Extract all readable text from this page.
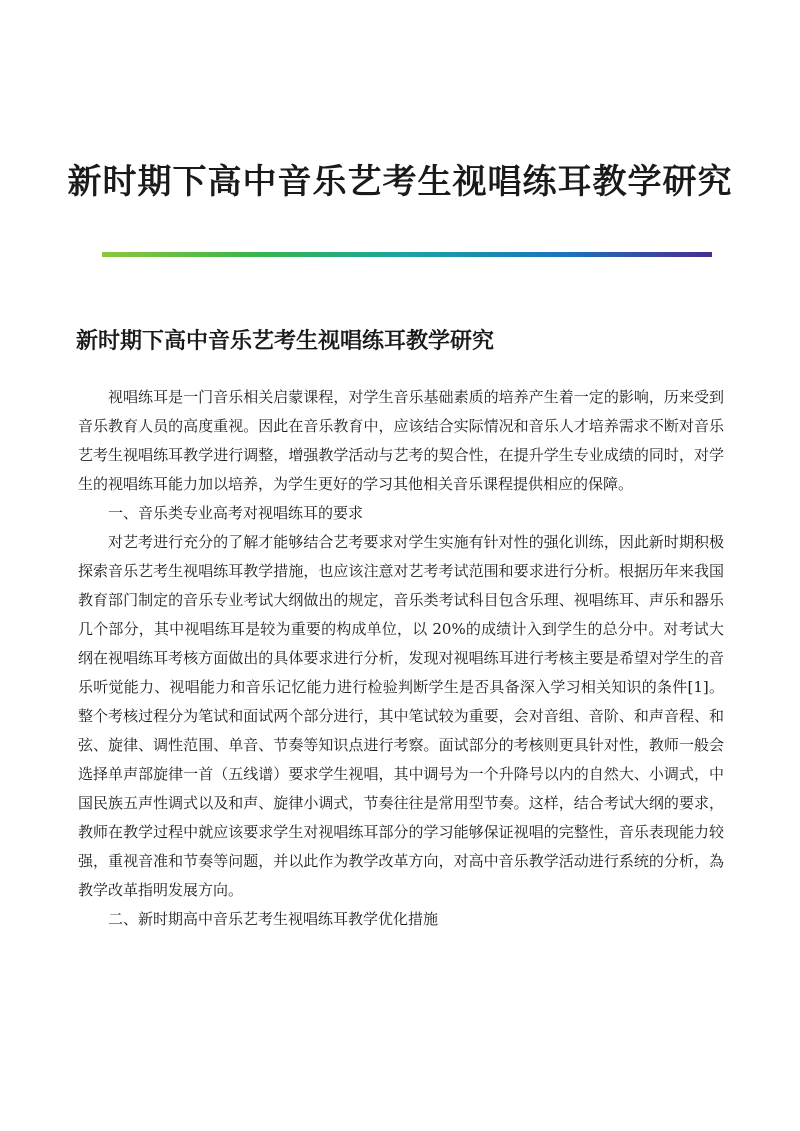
新时期下高中音乐艺考生视唱练耳教学研究
新时期下高中音乐艺考生视唱练耳教学研究

视唱练耳是一门音乐相关启蒙课程，对学生音乐基础素质的培养产生着一定的影响，历来受到音乐教育人员的高度重视。因此在音乐教育中，应该结合实际情况和音乐人才培养需求不断对音乐艺考生视唱练耳教学进行调整，增强教学活动与艺考的契合性，在提升学生专业成绩的同时，对学生的视唱练耳能力加以培养，为学生更好的学习其他相关音乐课程提供相应的保障。

一、音乐类专业高考对视唱练耳的要求

对艺考进行充分的了解才能够结合艺考要求对学生实施有针对性的强化训练，因此新时期积极探索音乐艺考生视唱练耳教学措施，也应该注意对艺考考试范围和要求进行分析。根据历年来我国教育部门制定的音乐专业考试大纲做出的规定，音乐类考试科目包含乐理、视唱练耳、声乐和器乐几个部分，其中视唱练耳是较为重要的构成单位，以 20%的成绩计入到学生的总分中。对考试大纲在视唱练耳考核方面做出的具体要求进行分析，发现对视唱练耳进行考核主要是希望对学生的音乐听觉能力、视唱能力和音乐记忆能力进行检验判断学生是否具备深入学习相关知识的条件[1]。整个考核过程分为笔试和面试两个部分进行，其中笔试较为重要，会对音组、音阶、和声音程、和弦、旋律、调性范围、单音、节奏等知识点进行考察。面试部分的考核则更具针对性，教师一般会选择单声部旋律一首（五线谱）要求学生视唱，其中调号为一个升降号以内的自然大、小调式，中国民族五声性调式以及和声、旋律小调式，节奏往往是常用型节奏。这样，结合考试大纲的要求，教师在教学过程中就应该要求学生对视唱练耳部分的学习能够保证视唱的完整性，音乐表现能力较强，重视音准和节奏等问题，并以此作为教学改革方向，对高中音乐教学活动进行系统的分析，為教学改革指明发展方向。

二、新时期高中音乐艺考生视唱练耳教学优化措施
